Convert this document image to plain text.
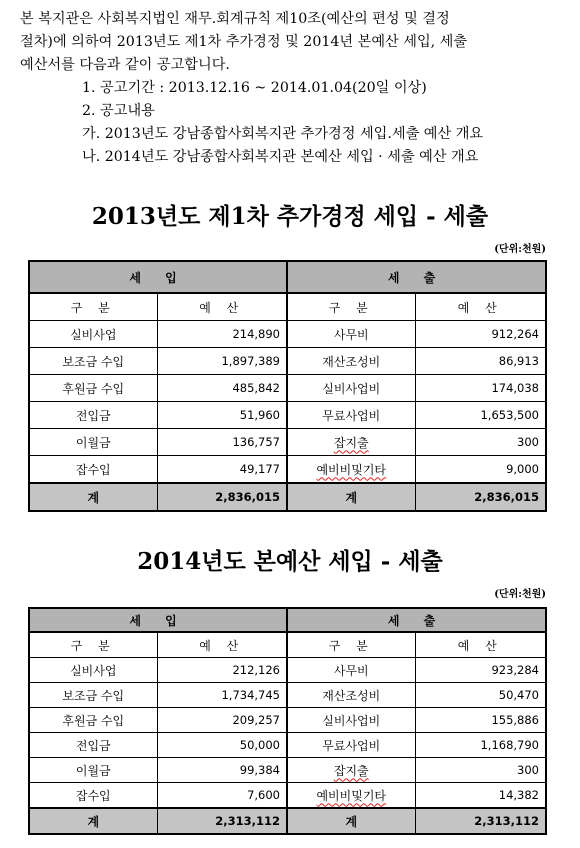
본 복지관은 사회복지법인 재무.회계규칙 제10조(예산의 편성 및 결정

절차)에 의하여 2013년도 제1차 추가경정 및 2014년 본예산 세입, 세출

예산서를 다음과 같이 공고합니다.

1. 공고기간 : 2013.12.16 ~ 2014.01.04(20일 이상)

2. 공고내용

가. 2013년도 강남종합사회복지관 추가경정 세입.세출 예산 개요

나. 2014년도 강남종합사회복지관 본예산 세입 · 세출 예산 개요

2013년도 제1차 추가경정 세입 - 세출
(단위:천원)
세 입		세 출	
구 분	예 산	구 분	예 산
실비사업	214,890	사무비	912,264
보조금 수입	1,897,389	재산조성비	86,913
후원금 수입	485,842	실비사업비	174,038
전입금	51,960	무료사업비	1,653,500
이월금	136,757	잡지출	300
잡수입	49,177	예비비및기타	9,000
계	2,836,015	계	2,836,015
2014년도 본예산 세입 - 세출
(단위:천원)
세 입		세 출	
구 분	예 산	구 분	예 산
실비사업	212,126	사무비	923,284
보조금 수입	1,734,745	재산조성비	50,470
후원금 수입	209,257	실비사업비	155,886
전입금	50,000	무료사업비	1,168,790
이월금	99,384	잡지출	300
잡수입	7,600	예비비및기타	14,382
계	2,313,112	계	2,313,112
